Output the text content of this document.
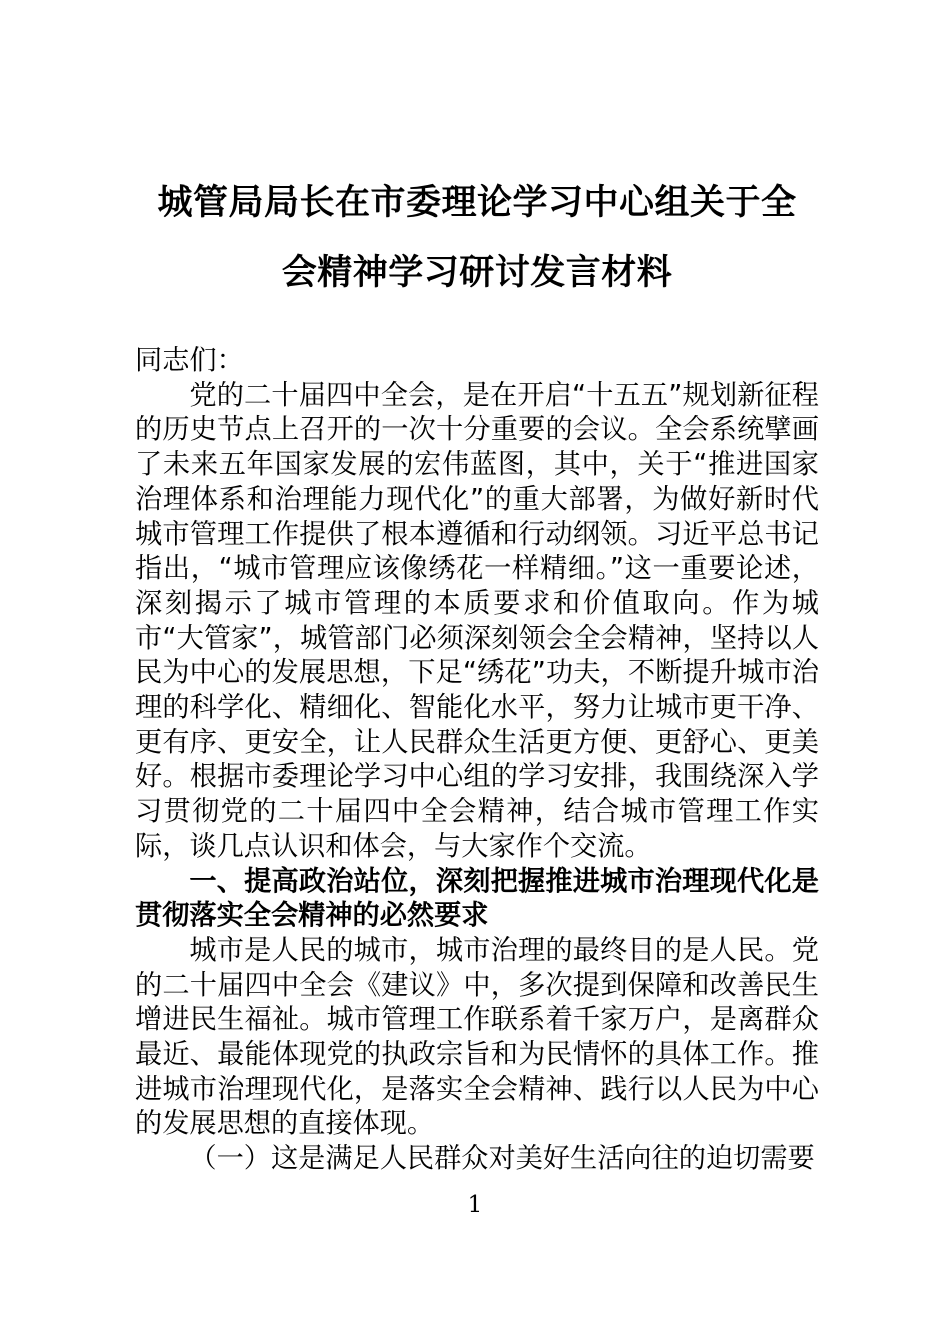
城管局局长在市委理论学习中心组关于全
会精神学习研讨发言材料

同志们：

党的二十届四中全会，是在开启“十五五”规划新征程的历史节点上召开的一次十分重要的会议。全会系统擘画了未来五年国家发展的宏伟蓝图，其中，关于“推进国家治理体系和治理能力现代化”的重大部署，为做好新时代城市管理工作提供了根本遵循和行动纲领。习近平总书记指出，“城市管理应该像绣花一样精细。”这一重要论述，深刻揭示了城市管理的本质要求和价值取向。作为城市“大管家”，城管部门必须深刻领会全会精神，坚持以人民为中心的发展思想，下足“绣花”功夫，不断提升城市治理的科学化、精细化、智能化水平，努力让城市更干净、更有序、更安全，让人民群众生活更方便、更舒心、更美好。根据市委理论学习中心组的学习安排，我围绕深入学习贯彻党的二十届四中全会精神，结合城市管理工作实际，谈几点认识和体会，与大家作个交流。

一、提高政治站位，深刻把握推进城市治理现代化是贯彻落实全会精神的必然要求

城市是人民的城市，城市治理的最终目的是人民。党的二十届四中全会《建议》中，多次提到保障和改善民生增进民生福祉。城市管理工作联系着千家万户，是离群众最近、最能体现党的执政宗旨和为民情怀的具体工作。推进城市治理现代化，是落实全会精神、践行以人民为中心的发展思想的直接体现。

（一）这是满足人民群众对美好生活向往的迫切需要

1
